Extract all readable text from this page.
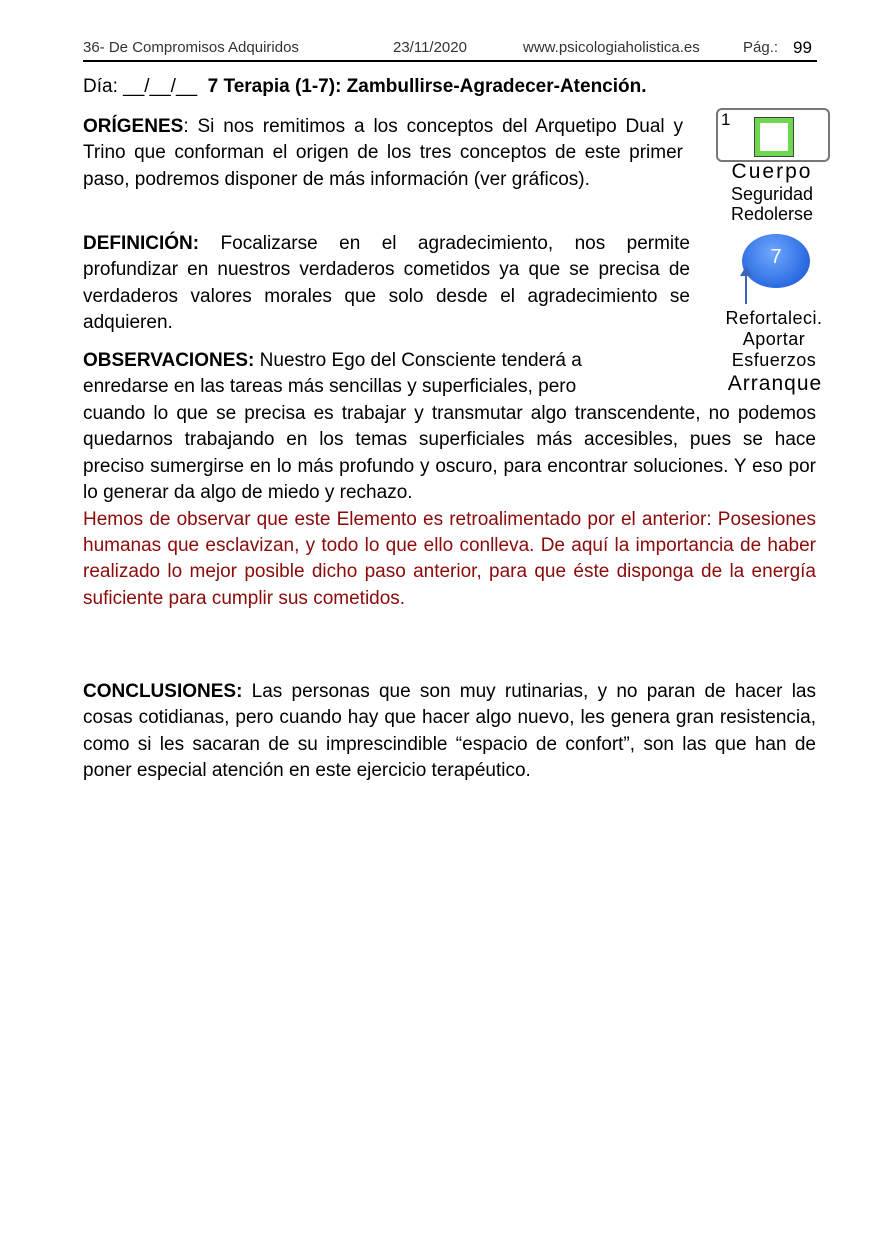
36- De Compromisos Adquiridos	23/11/2020	www.psicologiaholistica.es	Pág.: 99
Día: __/__/__ 7 Terapia (1-7): Zambullirse-Agradecer-Atención.

ORÍGENES: Si nos remitimos a los conceptos del Arquetipo Dual y Trino que conforman el origen de los tres conceptos de este primer paso, podremos disponer de más información (ver gráficos).

DEFINICIÓN: Focalizarse en el agradecimiento, nos permite profundizar en nuestros verdaderos cometidos ya que se precisa de verdaderos valores morales que solo desde el agradecimiento se adquieren.

OBSERVACIONES: Nuestro Ego del Consciente tenderá a
enredarse en las tareas más sencillas y superficiales, pero

cuando lo que se precisa es trabajar y transmutar algo transcendente, no podemos quedarnos trabajando en los temas superficiales más accesibles, pues se hace preciso sumergirse en lo más profundo y oscuro, para encontrar soluciones. Y eso por lo generar da algo de miedo y rechazo.
Hemos de observar que este Elemento es retroalimentado por el anterior: Posesiones humanas que esclavizan, y todo lo que ello conlleva. De aquí la importancia de haber realizado lo mejor posible dicho paso anterior, para que éste disponga de la energía suficiente para cumplir sus cometidos.

CONCLUSIONES: Las personas que son muy rutinarias, y no paran de hacer las cosas cotidianas, pero cuando hay que hacer algo nuevo, les genera gran resistencia, como si les sacaran de su imprescindible “espacio de confort”, son las que han de poner especial atención en este ejercicio terapéutico.

1
Cuerpo
Seguridad
Redolerse
7
Refortaleci.
Aportar
Esfuerzos
Arranque
